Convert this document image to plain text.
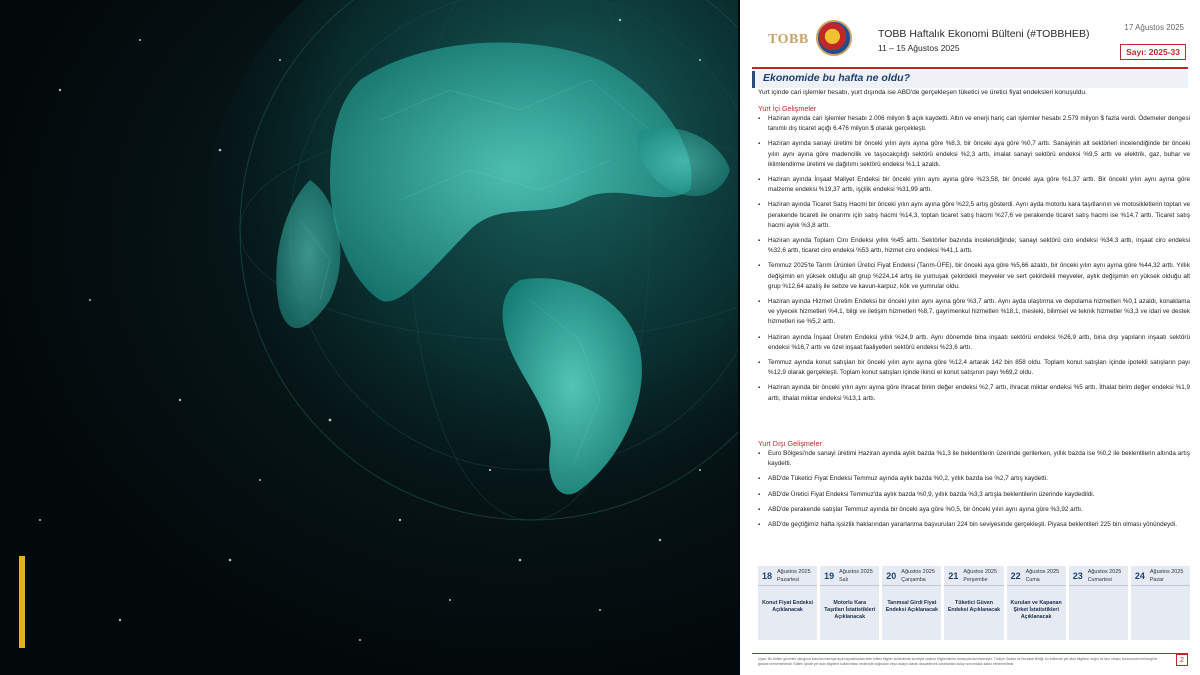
TOBB	TOBB Haftalık Ekonomi Bülteni (#TOBBHEB)
11 – 15 Ağustos 2025
17 Ağustos 2025
Sayı: 2025-33
Ekonomide bu hafta ne oldu?
Yurt içinde cari işlemler hesabı, yurt dışında ise ABD'de gerçekleşen tüketici ve üretici fiyat endeksleri konuşuldu.
Yurt İçi Gelişmeler
▪ Haziran ayında cari işlemler hesabı 2.006 milyon $ açık kaydetti. Altın ve enerji hariç cari işlemler hesabı 2.579 milyon $ fazla verdi. Ödemeler dengesi tanımlı dış ticaret açığı 6.476 milyon $ olarak gerçekleşti.
▪ Haziran ayında sanayi üretimi bir önceki yılın aynı ayına göre %8,3, bir önceki aya göre %0,7 arttı. Sanayinin alt sektörleri incelendiğinde bir önceki yılın aynı ayına göre madencilik ve taşocakçılığı sektörü endeksi %2,3 arttı, imalat sanayi sektörü endeksi %9,5 arttı ve elektrik, gaz, buhar ve iklimlendirme üretimi ve dağıtımı sektörü endeksi %1,1 azaldı.
▪ Haziran ayında İnşaat Maliyet Endeksi bir önceki yılın aynı ayına göre %23,58, bir önceki aya göre %1,37 arttı. Bir önceki yılın aynı ayına göre malzeme endeksi %19,37 arttı, işçilik endeksi %31,99 arttı.
▪ Haziran ayında Ticaret Satış Hacmi bir önceki yılın aynı ayına göre %22,5 artış gösterdi. Aynı ayda motorlu kara taşıtlarının ve motosikletlerin toptan ve perakende ticareti ile onarımı için satış hacmi %14,3, toptan ticaret satış hacmi %27,6 ve perakende ticaret satış hacmi ise %14,7 arttı. Ticaret satış hacmi aylık %3,8 arttı.
▪ Haziran ayında Toplam Ciro Endeksi yıllık %45 arttı. Sektörler bazında incelendiğinde; sanayi sektörü ciro endeksi %34,3 arttı, inşaat ciro endeksi %32,6 arttı, ticaret ciro endeksi %53 arttı, hizmet ciro endeksi %41,1 arttı.
▪ Temmuz 2025'te Tarım Ürünleri Üretici Fiyat Endeksi (Tarım-ÜFE), bir önceki aya göre %5,66 azaldı, bir önceki yılın aynı ayına göre %44,32 arttı. Yıllık değişimin en yüksek olduğu alt grup %224,14 artış ile yumuşak çekirdekli meyveler ve sert çekirdekli meyveler, aylık değişimin en yüksek olduğu alt grup %12,64 azalış ile sebze ve kavun-karpuz, kök ve yumrular oldu.
▪ Haziran ayında Hizmet Üretim Endeksi bir önceki yılın aynı ayına göre %3,7 arttı. Aynı ayda ulaştırma ve depolama hizmetleri %0,1 azaldı, konaklama ve yiyecek hizmetleri %4,1, bilgi ve iletişim hizmetleri %8,7, gayrimenkul hizmetleri %18,1, mesleki, bilimsel ve teknik hizmetler %3,3 ve idari ve destek hizmetleri ise %5,2 arttı.
▪ Haziran ayında İnşaat Üretim Endeksi yıllık %24,9 arttı. Aynı dönemde bina inşaatı sektörü endeksi %26,9 arttı, bina dışı yapıların inşaatı sektörü endeksi %16,7 arttı ve özel inşaat faaliyetleri sektörü endeksi %23,6 arttı.
▪ Temmuz ayında konut satışları bir önceki yılın aynı ayına göre %12,4 artarak 142 bin 858 oldu. Toplam konut satışları içinde ipotekli satışların payı %12,9 olarak gerçekleşti. Toplam konut satışları içinde ikinci el konut satışının payı %69,2 oldu.
▪ Haziran ayında bir önceki yılın aynı ayına göre ihracat birim değer endeksi %2,7 arttı, ihracat miktar endeksi %5 arttı. İthalat birim değer endeksi %1,9 arttı, ithalat miktar endeksi %13,1 arttı.
Yurt Dışı Gelişmeler
▪ Euro Bölgesi'nde sanayi üretimi Haziran ayında aylık bazda %1,3 ile beklentilerin üzerinde gerilerken, yıllık bazda ise %0,2 ile beklentilerin altında artış kaydetti.
▪ ABD'de Tüketici Fiyat Endeksi Temmuz ayında aylık bazda %0,2, yıllık bazda ise %2,7 artış kaydetti.
▪ ABD'de Üretici Fiyat Endeksi Temmuz'da aylık bazda %0,9, yıllık bazda %3,3 artışla beklentilerin üzerinde kaydedildi.
▪ ABD'de perakende satışlar Temmuz ayında bir önceki aya göre %0,5, bir önceki yılın aynı ayına göre %3,92 arttı.
▪ ABD'de geçtiğimiz hafta işsizlik haklarından yararlanma başvuruları 224 bin seviyesinde gerçekleşti. Piyasa beklentileri 225 bin olması yönündeydi.
18 Ağustos 2025
Pazartesi
Konut Fiyat Endeksi Açıklanacak
19 Ağustos 2025
Salı
Motorlu Kara Taşıtları İstatistikleri Açıklanacak
20 Ağustos 2025
Çarşamba
Tarımsal Girdi Fiyat Endeksi Açıklanacak
21 Ağustos 2025
Perşembe
Tüketici Güven Endeksi Açıklanacak
22 Ağustos 2025
Cuma
Kurulan ve Kapanan Şirket İstatistikleri Açıklanacak
23 Ağustos 2025
Cumartesi	24 Ağustos 2025
Pazar
Uyarı: Bu bülten güvenilir olduğuna inanılan kamuya açık kaynaklardan elde edilen bilgiler kullanılmak suretiyle sadece bilgilendirme amacıyla hazırlanmıştır. Türkiye Odalar ve Borsalar Birliği, bu bültende yer alan bilgilerin doğru ve tam olması konusunda herhangi bir garanti vermemektedir. Bülten içinde yer alan bilgilerin kullanılması nedeniyle doğrudan veya dolaylı olarak oluşabilecek zararlardan dolayı sorumluluk kabul etmemektedir.	2
